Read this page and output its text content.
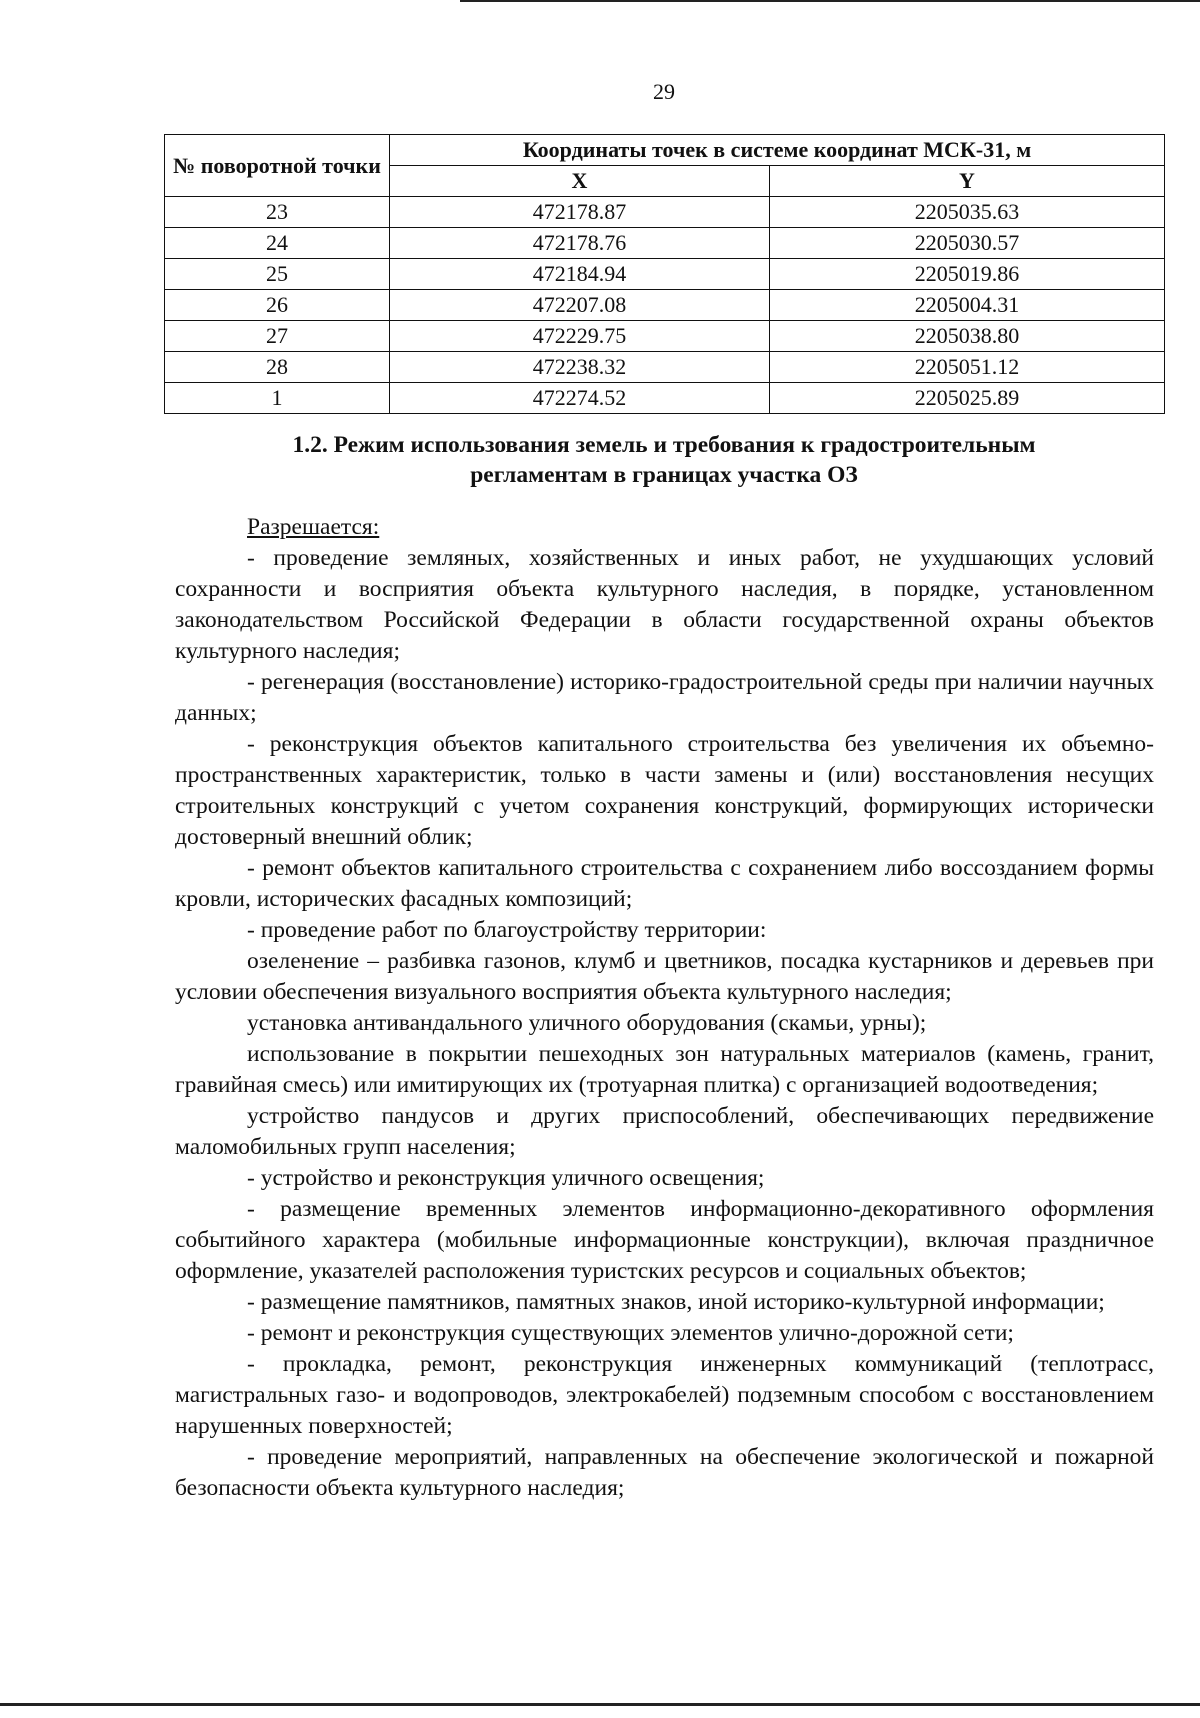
29
№ поворотной точки	Координаты точек в системе координат МСК-31, м	
	X	Y
23	472178.87	2205035.63
24	472178.76	2205030.57
25	472184.94	2205019.86
26	472207.08	2205004.31
27	472229.75	2205038.80
28	472238.32	2205051.12
1	472274.52	2205025.89
1.2. Режим использования земель и требования к градостроительным
регламентам в границах участка ОЗ

Разрешается:

- проведение земляных, хозяйственных и иных работ, не ухудшающих условий сохранности и восприятия объекта культурного наследия, в порядке, установленном законодательством Российской Федерации в области государственной охраны объектов культурного наследия;

- регенерация (восстановление) историко-градостроительной среды при наличии научных данных;

- реконструкция объектов капитального строительства без увеличения их объемно-пространственных характеристик, только в части замены и (или) восстановления несущих строительных конструкций с учетом сохранения конструкций, формирующих исторически достоверный внешний облик;

- ремонт объектов капитального строительства с сохранением либо воссозданием формы кровли, исторических фасадных композиций;

- проведение работ по благоустройству территории:

озеленение – разбивка газонов, клумб и цветников, посадка кустарников и деревьев при условии обеспечения визуального восприятия объекта культурного наследия;

установка антивандального уличного оборудования (скамьи, урны);

использование в покрытии пешеходных зон натуральных материалов (камень, гранит, гравийная смесь) или имитирующих их (тротуарная плитка) с организацией водоотведения;

устройство пандусов и других приспособлений, обеспечивающих передвижение маломобильных групп населения;

- устройство и реконструкция уличного освещения;

- размещение временных элементов информационно-декоративного оформления событийного характера (мобильные информационные конструкции), включая праздничное оформление, указателей расположения туристских ресурсов и социальных объектов;

- размещение памятников, памятных знаков, иной историко-культурной информации;

- ремонт и реконструкция существующих элементов улично-дорожной сети;

- прокладка, ремонт, реконструкция инженерных коммуникаций (теплотрасс, магистральных газо- и водопроводов, электрокабелей) подземным способом с восстановлением нарушенных поверхностей;

- проведение мероприятий, направленных на обеспечение экологической и пожарной безопасности объекта культурного наследия;
